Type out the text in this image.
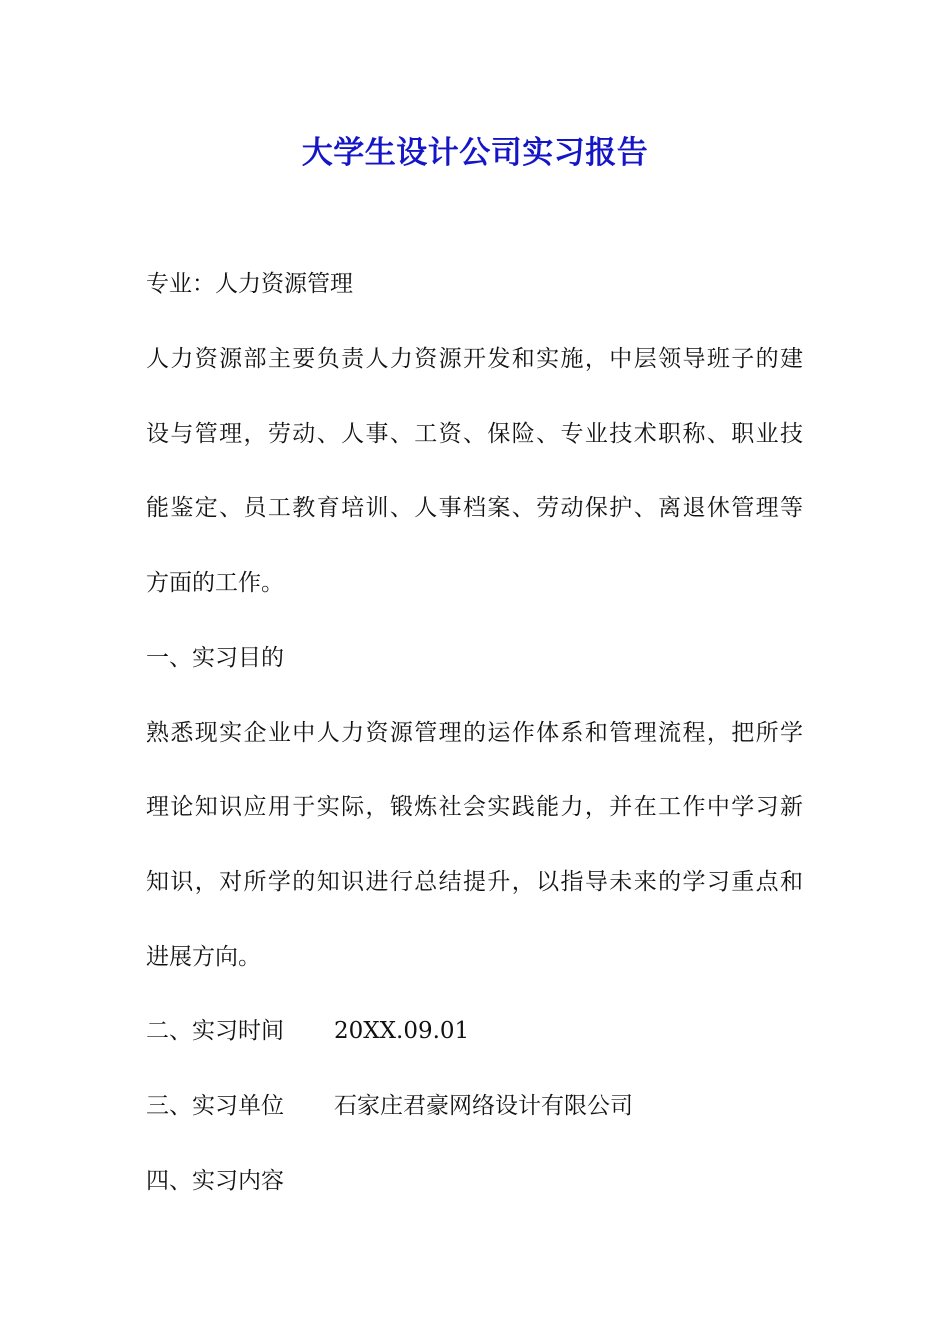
大学生设计公司实习报告
专业：人力资源管理
人力资源部主要负责人力资源开发和实施，中层领导班子的建
设与管理，劳动、人事、工资、保险、专业技术职称、职业技
能鉴定、员工教育培训、人事档案、劳动保护、离退休管理等
方面的工作。
一、实习目的
熟悉现实企业中人力资源管理的运作体系和管理流程，把所学
理论知识应用于实际，锻炼社会实践能力，并在工作中学习新
知识，对所学的知识进行总结提升，以指导未来的学习重点和
进展方向。
二、实习时间 20XX.09.01
三、实习单位 石家庄君豪网络设计有限公司
四、实习内容
